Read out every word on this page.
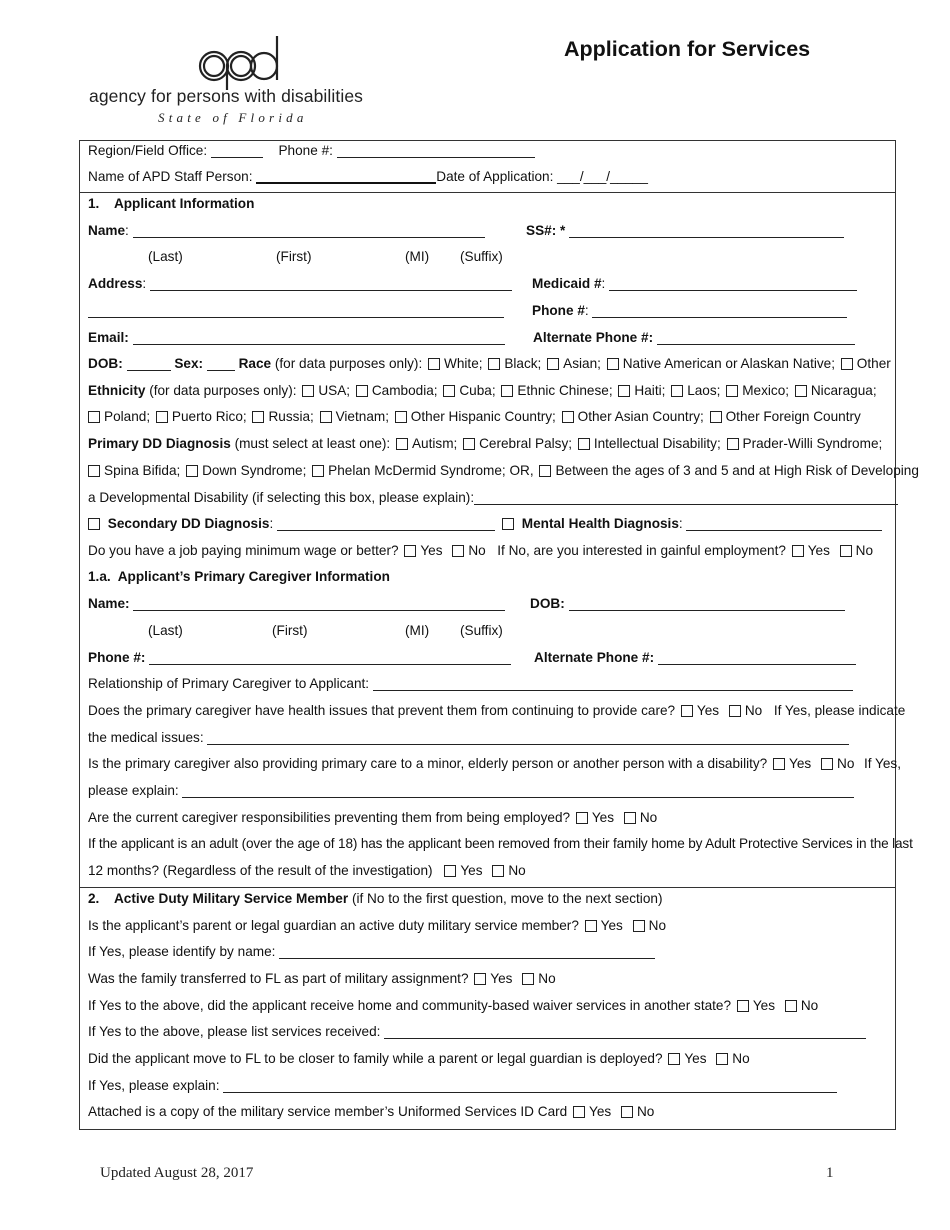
agency for persons with disabilities
State of Florida
Application for Services
Region/Field Office:	Phone #:
Name of APD Staff Person:	Date of Application: ___/___/_____
1.    Applicant Information
Name:	SS#: *
(Last)	(First)	(MI) (Suffix)
Address:	Medicaid #:
Phone #:
Email:	Alternate Phone #:
DOB:	Sex:	Race (for data purposes only): White; Black; Asian; Native American or Alaskan Native; Other
Ethnicity (for data purposes only): USA; Cambodia; Cuba; Ethnic Chinese; Haiti; Laos; Mexico; Nicaragua;
Poland; Puerto Rico; Russia; Vietnam; Other Hispanic Country; Other Asian Country; Other Foreign Country
Primary DD Diagnosis (must select at least one): Autism; Cerebral Palsy; Intellectual Disability; Prader-Willi Syndrome;
Spina Bifida; Down Syndrome; Phelan McDermid Syndrome; OR, Between the ages of 3 and 5 and at High Risk of Developing
a Developmental Disability (if selecting this box, please explain):
Secondary DD Diagnosis:	Mental Health Diagnosis:
Do you have a job paying minimum wage or better? Yes No If No, are you interested in gainful employment? Yes No
1.a.  Applicant’s Primary Caregiver Information
Name:	DOB:
(Last)	(First)	(MI) (Suffix)
Phone #:	Alternate Phone #:
Relationship of Primary Caregiver to Applicant:
Does the primary caregiver have health issues that prevent them from continuing to provide care? Yes No If Yes, please indicate
the medical issues:
Is the primary caregiver also providing primary care to a minor, elderly person or another person with a disability? Yes No If Yes,
please explain:
Are the current caregiver responsibilities preventing them from being employed? Yes No
If the applicant is an adult (over the age of 18) has the applicant been removed from their family home by Adult Protective Services in the last
12 months? (Regardless of the result of the investigation) Yes No
2.    Active Duty Military Service Member (if No to the first question, move to the next section)
Is the applicant’s parent or legal guardian an active duty military service member? Yes No
If Yes, please identify by name:
Was the family transferred to FL as part of military assignment? Yes No
If Yes to the above, did the applicant receive home and community-based waiver services in another state? Yes No
If Yes to the above, please list services received:
Did the applicant move to FL to be closer to family while a parent or legal guardian is deployed? Yes No
If Yes, please explain:
Attached is a copy of the military service member’s Uniformed Services ID Card Yes No
Updated August 28, 2017	1
